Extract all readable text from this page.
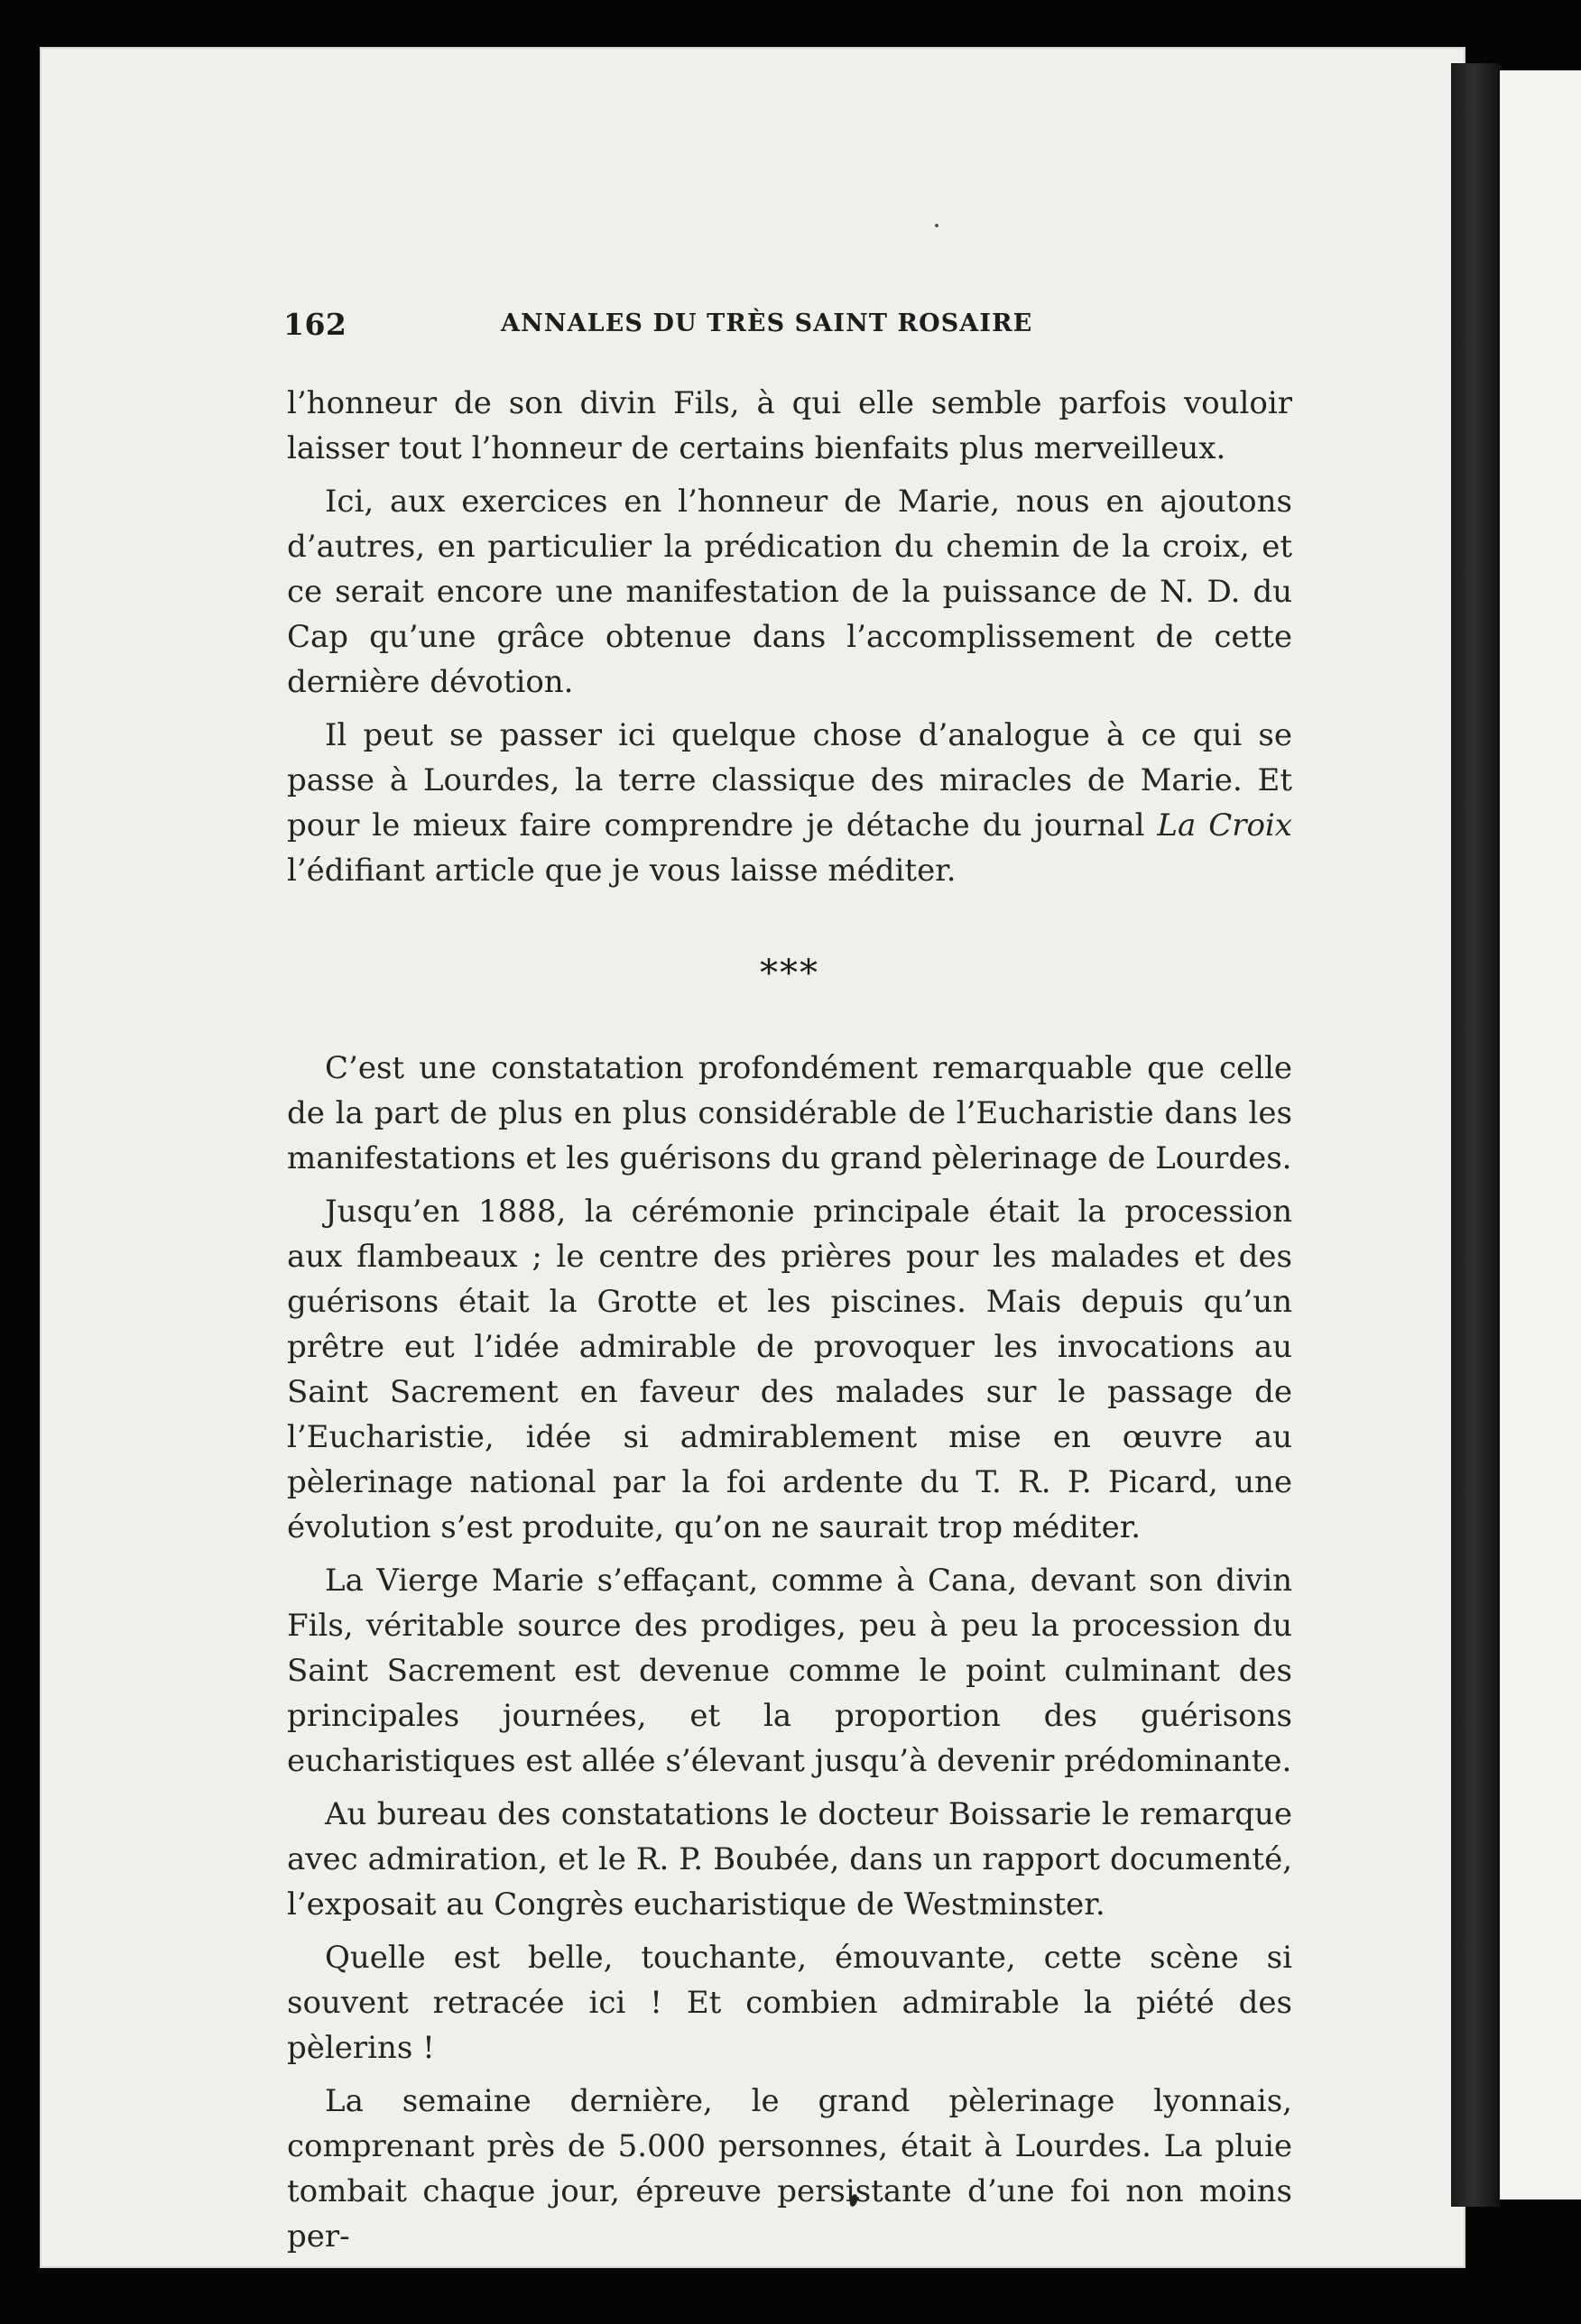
162	ANNALES DU TRÈS SAINT ROSAIRE

l’honneur de son divin Fils, à qui elle semble parfois vouloir laisser tout l’honneur de certains bienfaits plus merveilleux.

Ici, aux exercices en l’honneur de Marie, nous en ajoutons d’autres, en particulier la prédication du chemin de la croix, et ce serait encore une manifestation de la puissance de N. D. du Cap qu’une grâce obtenue dans l’accomplissement de cette dernière dévotion.

Il peut se passer ici quelque chose d’analogue à ce qui se passe à Lourdes, la terre classique des miracles de Marie. Et pour le mieux faire comprendre je détache du journal La Croix l’édifiant article que je vous laisse méditer.

***

C’est une constatation profondément remarquable que celle de la part de plus en plus considérable de l’Eucharistie dans les manifestations et les guérisons du grand pèlerinage de Lourdes.

Jusqu’en 1888, la cérémonie principale était la procession aux flambeaux ; le centre des prières pour les malades et des guérisons était la Grotte et les piscines. Mais depuis qu’un prêtre eut l’idée admirable de provoquer les invocations au Saint Sacrement en faveur des malades sur le passage de l’Eucharistie, idée si admirablement mise en œuvre au pèlerinage national par la foi ardente du T. R. P. Picard, une évolution s’est produite, qu’on ne saurait trop méditer.

La Vierge Marie s’effaçant, comme à Cana, devant son divin Fils, véritable source des prodiges, peu à peu la procession du Saint Sacrement est devenue comme le point culminant des principales journées, et la proportion des guérisons eucharistiques est allée s’élevant jusqu’à devenir prédominante.

Au bureau des constatations le docteur Boissarie le remarque avec admiration, et le R. P. Boubée, dans un rapport documenté, l’exposait au Congrès eucharistique de Westminster.

Quelle est belle, touchante, émouvante, cette scène si souvent retracée ici ! Et combien admirable la piété des pèlerins !

La semaine dernière, le grand pèlerinage lyonnais, comprenant près de 5.000 personnes, était à Lourdes. La pluie tombait chaque jour, épreuve persistante d’une foi non moins per-
